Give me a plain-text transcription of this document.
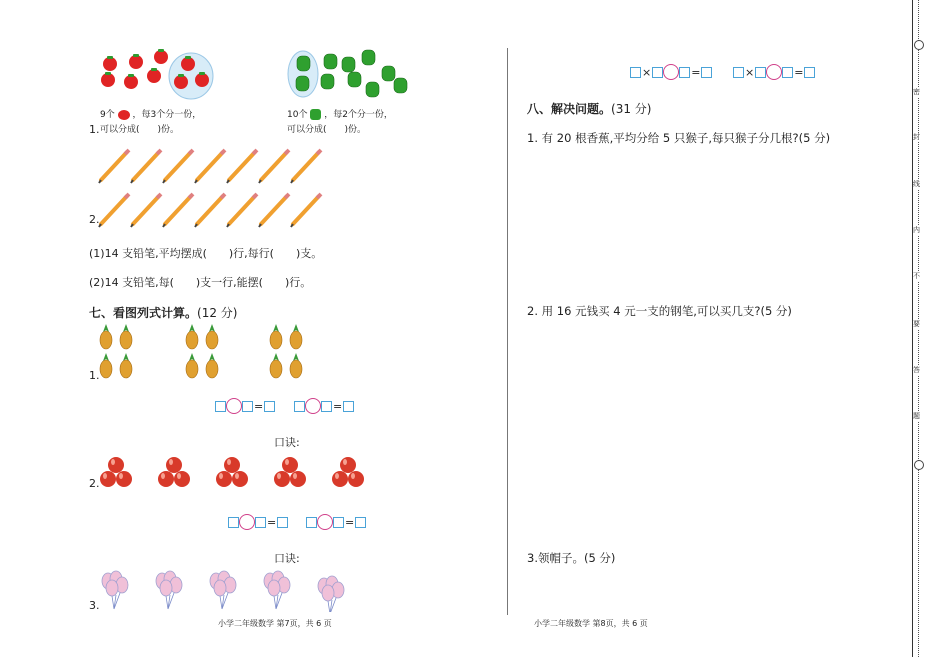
密
封
线
内
不
要
答
题
9个 ，每3个分一份，
可以分成(　　)份。
1.
10个 ，每2个分一份，
可以分成(　　)份。
2.
(1)14 支铅笔,平均摆成(　　)行,每行(　　)支。
(2)14 支铅笔,每(　　)支一行,能摆(　　)行。
七、看图列式计算。(12 分)
1.
=	=
口诀:
2.
=	=
口诀:
3.
小学二年级数学 第7页，共 6 页
×	=	×	=
八、解决问题。(31 分)
1. 有 20 根香蕉,平均分给 5 只猴子,每只猴子分几根?(5 分)
2. 用 16 元钱买 4 元一支的钢笔,可以买几支?(5 分)
3.领帽子。(5 分)
小学二年级数学 第8页，共 6 页
